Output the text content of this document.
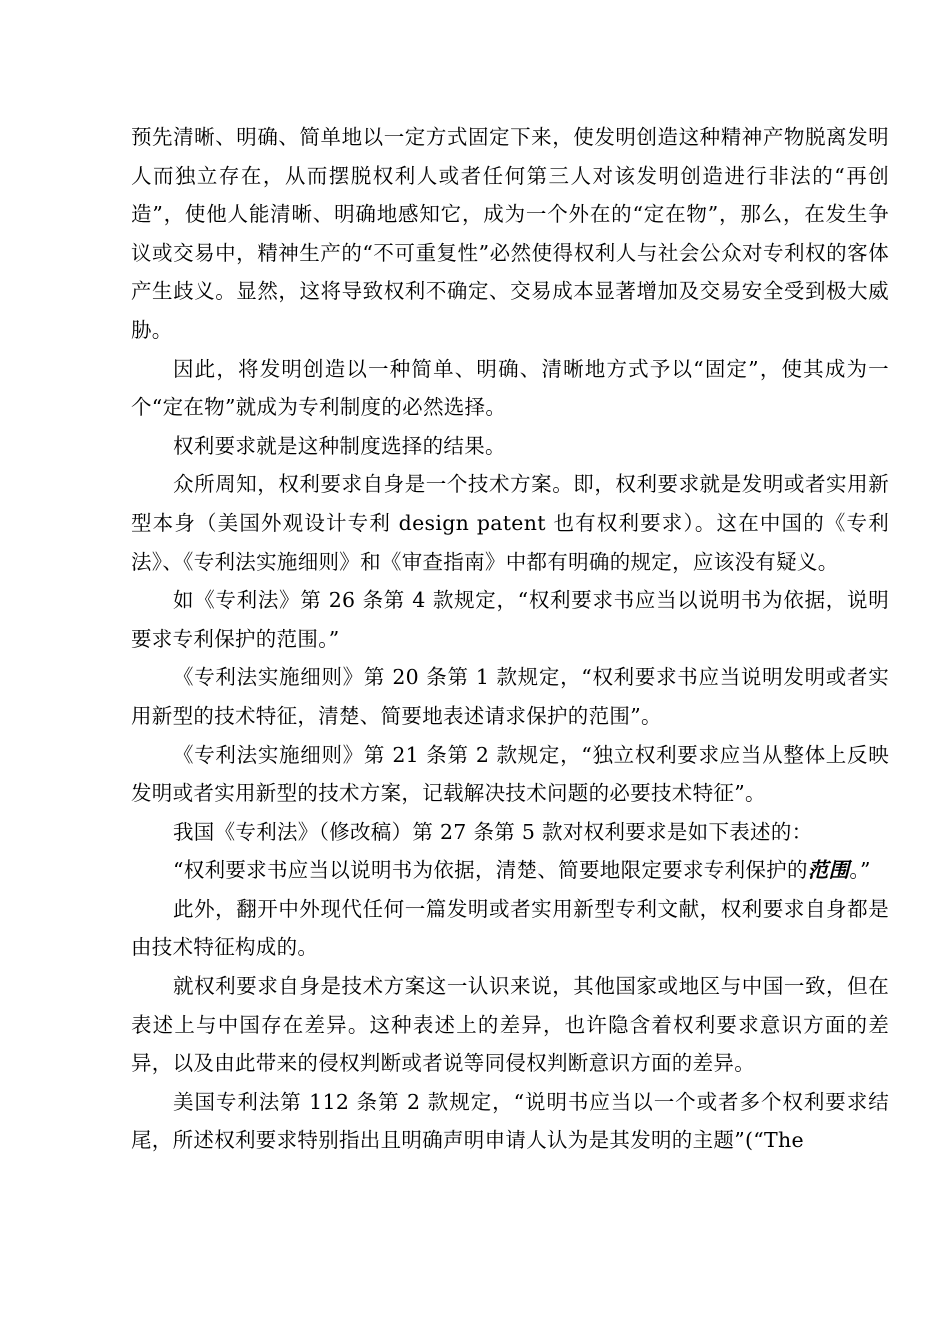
预先清晰、明确、简单地以一定方式固定下来，使发明创造这种精神产物脱离发明人而独立存在，从而摆脱权利人或者任何第三人对该发明创造进行非法的“再创造”，使他人能清晰、明确地感知它，成为一个外在的“定在物”，那么，在发生争议或交易中，精神生产的“不可重复性”必然使得权利人与社会公众对专利权的客体产生歧义。显然，这将导致权利不确定、交易成本显著增加及交易安全受到极大威胁。

因此，将发明创造以一种简单、明确、清晰地方式予以“固定”，使其成为一个“定在物”就成为专利制度的必然选择。

权利要求就是这种制度选择的结果。

众所周知，权利要求自身是一个技术方案。即，权利要求就是发明或者实用新型本身（美国外观设计专利 design patent 也有权利要求）。这在中国的《专利法》、《专利法实施细则》和《审查指南》中都有明确的规定，应该没有疑义。

如《专利法》第 26 条第 4 款规定，“权利要求书应当以说明书为依据，说明要求专利保护的范围。”

《专利法实施细则》第 20 条第 1 款规定，“权利要求书应当说明发明或者实用新型的技术特征，清楚、简要地表述请求保护的范围”。

《专利法实施细则》第 21 条第 2 款规定，“独立权利要求应当从整体上反映发明或者实用新型的技术方案，记载解决技术问题的必要技术特征”。

我国《专利法》（修改稿）第 27 条第 5 款对权利要求是如下表述的：

“权利要求书应当以说明书为依据，清楚、简要地限定要求专利保护的范围。”

此外，翻开中外现代任何一篇发明或者实用新型专利文献，权利要求自身都是由技术特征构成的。

就权利要求自身是技术方案这一认识来说，其他国家或地区与中国一致，但在表述上与中国存在差异。这种表述上的差异，也许隐含着权利要求意识方面的差异，以及由此带来的侵权判断或者说等同侵权判断意识方面的差异。

美国专利法第 112 条第 2 款规定，“说明书应当以一个或者多个权利要求结尾，所述权利要求特别指出且明确声明申请人认为是其发明的主题”(“The
